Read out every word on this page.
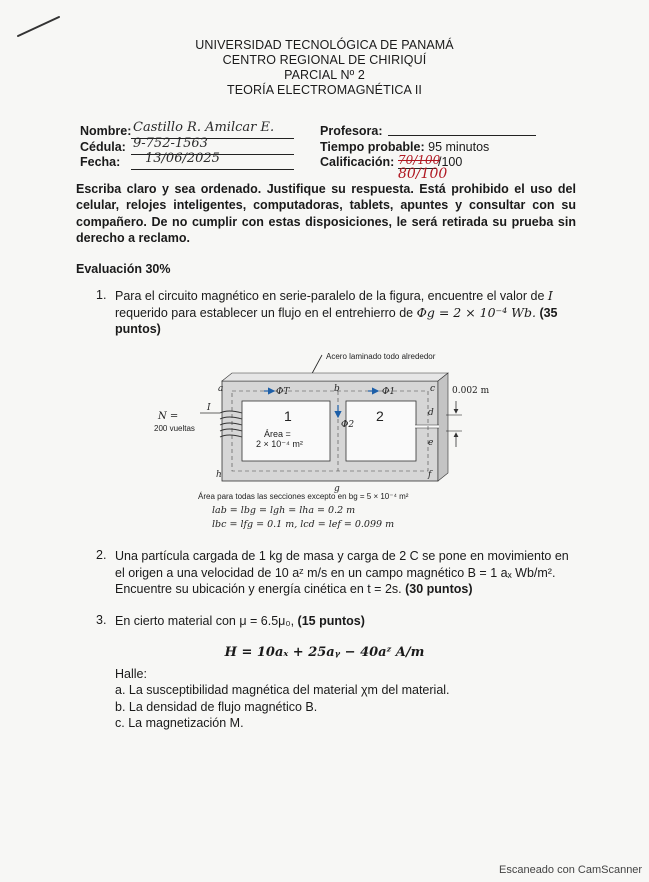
UNIVERSIDAD TECNOLÓGICA DE PANAMÁ
CENTRO REGIONAL DE CHIRIQUÍ
PARCIAL Nº 2
TEORÍA ELECTROMAGNÉTICA II
Nombre: Castillo R. Amilcar E.
Cédula: 9-752-1563
Fecha: 13/06/2025
Profesora:
Tiempo probable: 95 minutos
Calificación: 70/100
/100
80/100
Escriba claro y sea ordenado. Justifique su respuesta. Está prohibido el uso del celular, relojes inteligentes, computadoras, tablets, apuntes y consultar con su compañero. De no cumplir con estas disposiciones, le será retirada su prueba sin derecho a reclamo.
Evaluación 30%
1. Para el circuito magnético en serie-paralelo de la figura, encuentre el valor de I
requerido para establecer un flujo en el entrehierro de Φg = 2 × 10⁻⁴ Wb. (35 puntos)
Acero laminado todo alrededor
ΦT	Φ1
Φ2
a	b	c
d
e
f
g
h
1	2
Área =
2 × 10⁻⁴ m²
I
N =
200 vueltas
0.002 m
Área para todas las secciones excepto en bg = 5 × 10⁻⁴ m²
lab = lbg = lgh = lha = 0.2 m
lbc = lfg = 0.1 m, lcd = lef = 0.099 m
2. Una partícula cargada de 1 kg de masa y carga de 2 C se pone en movimiento en
el origen a una velocidad de 10 aᶻ m/s en un campo magnético B = 1 aₓ Wb/m².
Encuentre su ubicación y energía cinética en t = 2s. (30 puntos)
3. En cierto material con μ = 6.5μ₀, (15 puntos)
H = 10aₓ + 25aᵧ − 40aᶻ A/m
Halle:
a. La susceptibilidad magnética del material χm del material.
b. La densidad de flujo magnético B.
c. La magnetización M.
Escaneado con CamScanner
